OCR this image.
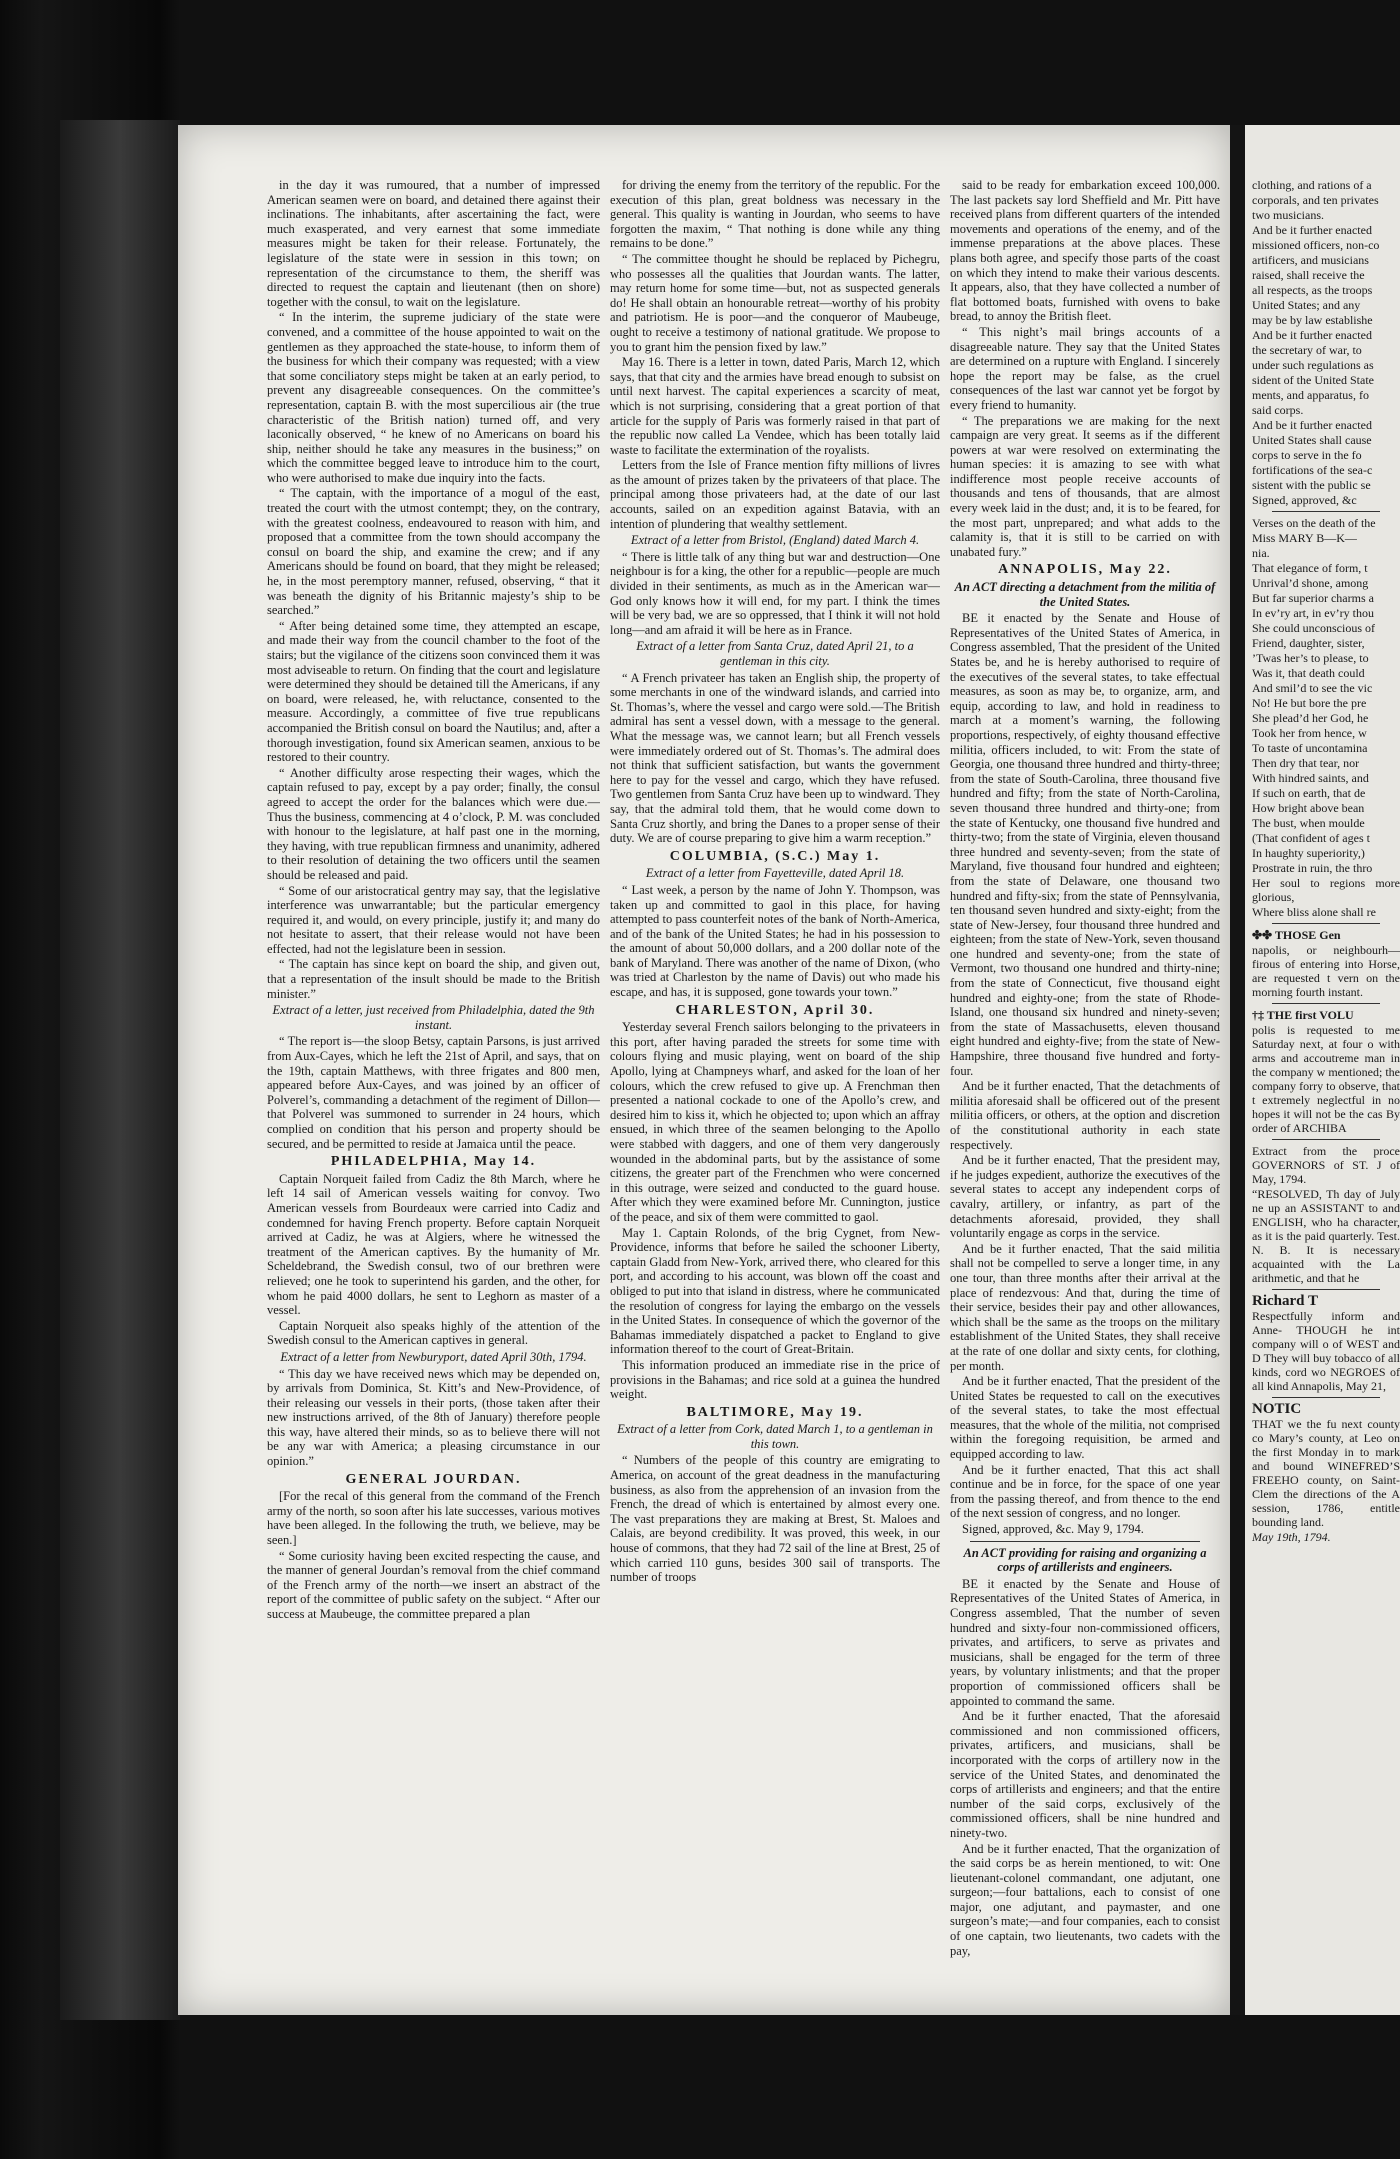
in the day it was rumoured, that a number of impressed American seamen were on board, and detained there against their inclinations. The inhabitants, after ascertaining the fact, were much exasperated, and very earnest that some immediate measures might be taken for their release. Fortunately, the legislature of the state were in session in this town; on representation of the circumstance to them, the sheriff was directed to request the captain and lieutenant (then on shore) together with the consul, to wait on the legislature.

“ In the interim, the supreme judiciary of the state were convened, and a committee of the house appointed to wait on the gentlemen as they approached the state-house, to inform them of the business for which their company was requested; with a view that some conciliatory steps might be taken at an early period, to prevent any disagreeable consequences. On the committee’s representation, captain B. with the most supercilious air (the true characteristic of the British nation) turned off, and very laconically observed, “ he knew of no Americans on board his ship, neither should he take any measures in the business;” on which the committee begged leave to introduce him to the court, who were authorised to make due inquiry into the facts.

“ The captain, with the importance of a mogul of the east, treated the court with the utmost contempt; they, on the contrary, with the greatest coolness, endeavoured to reason with him, and proposed that a committee from the town should accompany the consul on board the ship, and examine the crew; and if any Americans should be found on board, that they might be released; he, in the most peremptory manner, refused, observing, “ that it was beneath the dignity of his Britannic majesty’s ship to be searched.”

“ After being detained some time, they attempted an escape, and made their way from the council chamber to the foot of the stairs; but the vigilance of the citizens soon convinced them it was most adviseable to return. On finding that the court and legislature were determined they should be detained till the Americans, if any on board, were released, he, with reluctance, consented to the measure. Accordingly, a committee of five true republicans accompanied the British consul on board the Nautilus; and, after a thorough investigation, found six American seamen, anxious to be restored to their country.

“ Another difficulty arose respecting their wages, which the captain refused to pay, except by a pay order; finally, the consul agreed to accept the order for the balances which were due.—Thus the business, commencing at 4 o’clock, P. M. was concluded with honour to the legislature, at half past one in the morning, they having, with true republican firmness and unanimity, adhered to their resolution of detaining the two officers until the seamen should be released and paid.

“ Some of our aristocratical gentry may say, that the legislative interference was unwarrantable; but the particular emergency required it, and would, on every principle, justify it; and many do not hesitate to assert, that their release would not have been effected, had not the legislature been in session.

“ The captain has since kept on board the ship, and given out, that a representation of the insult should be made to the British minister.”

Extract of a letter, just received from Philadelphia, dated the 9th instant.

“ The report is—the sloop Betsy, captain Parsons, is just arrived from Aux-Cayes, which he left the 21st of April, and says, that on the 19th, captain Matthews, with three frigates and 800 men, appeared before Aux-Cayes, and was joined by an officer of Polverel’s, commanding a detachment of the regiment of Dillon—that Polverel was summoned to surrender in 24 hours, which complied on condition that his person and property should be secured, and be permitted to reside at Jamaica until the peace.

PHILADELPHIA, May 14.

Captain Norqueit failed from Cadiz the 8th March, where he left 14 sail of American vessels waiting for convoy. Two American vessels from Bourdeaux were carried into Cadiz and condemned for having French property. Before captain Norqueit arrived at Cadiz, he was at Algiers, where he witnessed the treatment of the American captives. By the humanity of Mr. Scheldebrand, the Swedish consul, two of our brethren were relieved; one he took to superintend his garden, and the other, for whom he paid 4000 dollars, he sent to Leghorn as master of a vessel.

Captain Norqueit also speaks highly of the attention of the Swedish consul to the American captives in general.

Extract of a letter from Newburyport, dated April 30th, 1794.

“ This day we have received news which may be depended on, by arrivals from Dominica, St. Kitt’s and New-Providence, of their releasing our vessels in their ports, (those taken after their new instructions arrived, of the 8th of January) therefore people this way, have altered their minds, so as to believe there will not be any war with America; a pleasing circumstance in our opinion.”

GENERAL JOURDAN.

[For the recal of this general from the command of the French army of the north, so soon after his late successes, various motives have been alleged. In the following the truth, we believe, may be seen.]

“ Some curiosity having been excited respecting the cause, and the manner of general Jourdan’s removal from the chief command of the French army of the north—we insert an abstract of the report of the committee of public safety on the subject. “ After our success at Maubeuge, the committee prepared a plan

for driving the enemy from the territory of the republic. For the execution of this plan, great boldness was necessary in the general. This quality is wanting in Jourdan, who seems to have forgotten the maxim, “ That nothing is done while any thing remains to be done.”

“ The committee thought he should be replaced by Pichegru, who possesses all the qualities that Jourdan wants. The latter, may return home for some time—but, not as suspected generals do! He shall obtain an honourable retreat—worthy of his probity and patriotism. He is poor—and the conqueror of Maubeuge, ought to receive a testimony of national gratitude. We propose to you to grant him the pension fixed by law.”

May 16. There is a letter in town, dated Paris, March 12, which says, that that city and the armies have bread enough to subsist on until next harvest. The capital experiences a scarcity of meat, which is not surprising, considering that a great portion of that article for the supply of Paris was formerly raised in that part of the republic now called La Vendee, which has been totally laid waste to facilitate the extermination of the royalists.

Letters from the Isle of France mention fifty millions of livres as the amount of prizes taken by the privateers of that place. The principal among those privateers had, at the date of our last accounts, sailed on an expedition against Batavia, with an intention of plundering that wealthy settlement.

Extract of a letter from Bristol, (England) dated March 4.

“ There is little talk of any thing but war and destruction—One neighbour is for a king, the other for a republic—people are much divided in their sentiments, as much as in the American war—God only knows how it will end, for my part. I think the times will be very bad, we are so oppressed, that I think it will not hold long—and am afraid it will be here as in France.

Extract of a letter from Santa Cruz, dated April 21, to a gentleman in this city.

“ A French privateer has taken an English ship, the property of some merchants in one of the windward islands, and carried into St. Thomas’s, where the vessel and cargo were sold.—The British admiral has sent a vessel down, with a message to the general. What the message was, we cannot learn; but all French vessels were immediately ordered out of St. Thomas’s. The admiral does not think that sufficient satisfaction, but wants the government here to pay for the vessel and cargo, which they have refused. Two gentlemen from Santa Cruz have been up to windward. They say, that the admiral told them, that he would come down to Santa Cruz shortly, and bring the Danes to a proper sense of their duty. We are of course preparing to give him a warm reception.”

COLUMBIA, (S.C.) May 1.

Extract of a letter from Fayetteville, dated April 18.

“ Last week, a person by the name of John Y. Thompson, was taken up and committed to gaol in this place, for having attempted to pass counterfeit notes of the bank of North-America, and of the bank of the United States; he had in his possession to the amount of about 50,000 dollars, and a 200 dollar note of the bank of Maryland. There was another of the name of Dixon, (who was tried at Charleston by the name of Davis) out who made his escape, and has, it is supposed, gone towards your town.”

CHARLESTON, April 30.

Yesterday several French sailors belonging to the privateers in this port, after having paraded the streets for some time with colours flying and music playing, went on board of the ship Apollo, lying at Champneys wharf, and asked for the loan of her colours, which the crew refused to give up. A Frenchman then presented a national cockade to one of the Apollo’s crew, and desired him to kiss it, which he objected to; upon which an affray ensued, in which three of the seamen belonging to the Apollo were stabbed with daggers, and one of them very dangerously wounded in the abdominal parts, but by the assistance of some citizens, the greater part of the Frenchmen who were concerned in this outrage, were seized and conducted to the guard house. After which they were examined before Mr. Cunnington, justice of the peace, and six of them were committed to gaol.

May 1. Captain Rolonds, of the brig Cygnet, from New-Providence, informs that before he sailed the schooner Liberty, captain Gladd from New-York, arrived there, who cleared for this port, and according to his account, was blown off the coast and obliged to put into that island in distress, where he communicated the resolution of congress for laying the embargo on the vessels in the United States. In consequence of which the governor of the Bahamas immediately dispatched a packet to England to give information thereof to the court of Great-Britain.

This information produced an immediate rise in the price of provisions in the Bahamas; and rice sold at a guinea the hundred weight.

BALTIMORE, May 19.

Extract of a letter from Cork, dated March 1, to a gentleman in this town.

“ Numbers of the people of this country are emigrating to America, on account of the great deadness in the manufacturing business, as also from the apprehension of an invasion from the French, the dread of which is entertained by almost every one. The vast preparations they are making at Brest, St. Maloes and Calais, are beyond credibility. It was proved, this week, in our house of commons, that they had 72 sail of the line at Brest, 25 of which carried 110 guns, besides 300 sail of transports. The number of troops

said to be ready for embarkation exceed 100,000. The last packets say lord Sheffield and Mr. Pitt have received plans from different quarters of the intended movements and operations of the enemy, and of the immense preparations at the above places. These plans both agree, and specify those parts of the coast on which they intend to make their various descents. It appears, also, that they have collected a number of flat bottomed boats, furnished with ovens to bake bread, to annoy the British fleet.

“ This night’s mail brings accounts of a disagreeable nature. They say that the United States are determined on a rupture with England. I sincerely hope the report may be false, as the cruel consequences of the last war cannot yet be forgot by every friend to humanity.

“ The preparations we are making for the next campaign are very great. It seems as if the different powers at war were resolved on exterminating the human species: it is amazing to see with what indifference most people receive accounts of thousands and tens of thousands, that are almost every week laid in the dust; and, it is to be feared, for the most part, unprepared; and what adds to the calamity is, that it is still to be carried on with unabated fury.”

ANNAPOLIS, May 22.

An ACT directing a detachment from the militia of the United States.

BE it enacted by the Senate and House of Representatives of the United States of America, in Congress assembled, That the president of the United States be, and he is hereby authorised to require of the executives of the several states, to take effectual measures, as soon as may be, to organize, arm, and equip, according to law, and hold in readiness to march at a moment’s warning, the following proportions, respectively, of eighty thousand effective militia, officers included, to wit: From the state of Georgia, one thousand three hundred and thirty-three; from the state of South-Carolina, three thousand five hundred and fifty; from the state of North-Carolina, seven thousand three hundred and thirty-one; from the state of Kentucky, one thousand five hundred and thirty-two; from the state of Virginia, eleven thousand three hundred and seventy-seven; from the state of Maryland, five thousand four hundred and eighteen; from the state of Delaware, one thousand two hundred and fifty-six; from the state of Pennsylvania, ten thousand seven hundred and sixty-eight; from the state of New-Jersey, four thousand three hundred and eighteen; from the state of New-York, seven thousand one hundred and seventy-one; from the state of Vermont, two thousand one hundred and thirty-nine; from the state of Connecticut, five thousand eight hundred and eighty-one; from the state of Rhode-Island, one thousand six hundred and ninety-seven; from the state of Massachusetts, eleven thousand eight hundred and eighty-five; from the state of New-Hampshire, three thousand five hundred and forty-four.

And be it further enacted, That the detachments of militia aforesaid shall be officered out of the present militia officers, or others, at the option and discretion of the constitutional authority in each state respectively.

And be it further enacted, That the president may, if he judges expedient, authorize the executives of the several states to accept any independent corps of cavalry, artillery, or infantry, as part of the detachments aforesaid, provided, they shall voluntarily engage as corps in the service.

And be it further enacted, That the said militia shall not be compelled to serve a longer time, in any one tour, than three months after their arrival at the place of rendezvous: And that, during the time of their service, besides their pay and other allowances, which shall be the same as the troops on the military establishment of the United States, they shall receive at the rate of one dollar and sixty cents, for clothing, per month.

And be it further enacted, That the president of the United States be requested to call on the executives of the several states, to take the most effectual measures, that the whole of the militia, not comprised within the foregoing requisition, be armed and equipped according to law.

And be it further enacted, That this act shall continue and be in force, for the space of one year from the passing thereof, and from thence to the end of the next session of congress, and no longer.

Signed, approved, &c. May 9, 1794.

An ACT providing for raising and organizing a corps of artillerists and engineers.

BE it enacted by the Senate and House of Representatives of the United States of America, in Congress assembled, That the number of seven hundred and sixty-four non-commissioned officers, privates, and artificers, to serve as privates and musicians, shall be engaged for the term of three years, by voluntary inlistments; and that the proper proportion of commissioned officers shall be appointed to command the same.

And be it further enacted, That the aforesaid commissioned and non commissioned officers, privates, artificers, and musicians, shall be incorporated with the corps of artillery now in the service of the United States, and denominated the corps of artillerists and engineers; and that the entire number of the said corps, exclusively of the commissioned officers, shall be nine hundred and ninety-two.

And be it further enacted, That the organization of the said corps be as herein mentioned, to wit: One lieutenant-colonel commandant, one adjutant, one surgeon;—four battalions, each to consist of one major, one adjutant, and paymaster, and one surgeon’s mate;—and four companies, each to consist of one captain, two lieutenants, two cadets with the pay,

clothing, and rations of a

corporals, and ten privates

two musicians.

And be it further enacted

missioned officers, non-co

artificers, and musicians

raised, shall receive the

all respects, as the troops

United States; and any

may be by law establishe

And be it further enacted

the secretary of war, to

under such regulations as

sident of the United State

ments, and apparatus, fo

said corps.

And be it further enacted

United States shall cause

corps to serve in the fo

fortifications of the sea-c

sistent with the public se

Signed, approved, &c

Verses on the death of the

Miss MARY B—K—

nia.

That elegance of form, t

Unrival’d shone, among

But far superior charms a

In ev’ry art, in ev’ry thou

She could unconscious of

Friend, daughter, sister,

’Twas her’s to please, to

Was it, that death could

And smil’d to see the vic

No! He but bore the pre

She plead’d her God, he

Took her from hence, w

To taste of uncontamina

Then dry that tear, nor

With hindred saints, and

If such on earth, that de

How bright above bean

The bust, when moulde

(That confident of ages t

In haughty superiority,)

Prostrate in ruin, the thro

Her soul to regions more glorious,

Where bliss alone shall re

✤✤ THOSE Gen

napolis, or neighbourh— firous of entering into Horse, are requested t vern on the morning fourth instant.

†‡ THE first VOLU

polis is requested to me Saturday next, at four o with arms and accoutreme man in the company w mentioned; the company forry to observe, that t extremely neglectful in no hopes it will not be the cas By order of ARCHIBA

Extract from the proce GOVERNORS of ST. J of May, 1794.

“RESOLVED, Th day of July ne up an ASSISTANT to and ENGLISH, who ha character, as it is the paid quarterly. Test. N. B. It is necessary acquainted with the La arithmetic, and that he

Richard T

Respectfully inform and Anne- THOUGH he int company will o of WEST and D They will buy tobacco of all kinds, cord wo NEGROES of all kind Annapolis, May 21,

NOTIC

THAT we the fu next county co Mary’s county, at Leo on the first Monday in to mark and bound WINEFRED’S FREEHO county, on Saint-Clem the directions of the A session, 1786, entitle bounding land.

May 19th, 1794.
